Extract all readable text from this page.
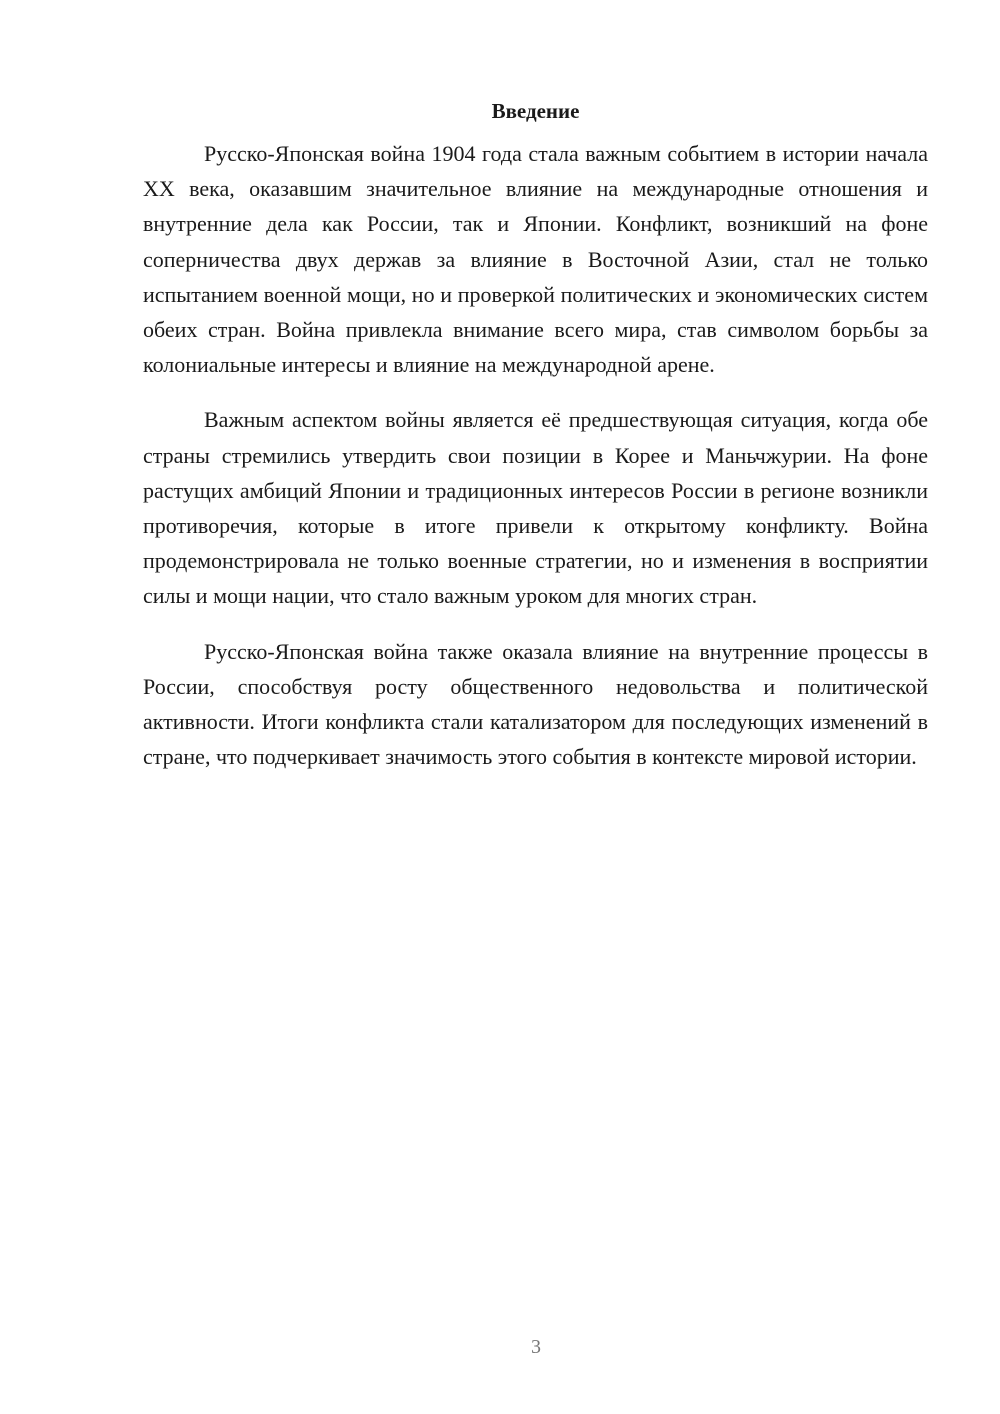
Введение

Русско-Японская война 1904 года стала важным событием в истории начала XX века, оказавшим значительное влияние на международные отношения и внутренние дела как России, так и Японии. Конфликт, возникший на фоне соперничества двух держав за влияние в Восточной Азии, стал не только испытанием военной мощи, но и проверкой политических и экономических систем обеих стран. Война привлекла внимание всего мира, став символом борьбы за колониальные интересы и влияние на международной арене.

Важным аспектом войны является её предшествующая ситуация, когда обе страны стремились утвердить свои позиции в Корее и Маньчжурии. На фоне растущих амбиций Японии и традиционных интересов России в регионе возникли противоречия, которые в итоге привели к открытому конфликту. Война продемонстрировала не только военные стратегии, но и изменения в восприятии силы и мощи нации, что стало важным уроком для многих стран.

Русско-Японская война также оказала влияние на внутренние процессы в России, способствуя росту общественного недовольства и политической активности. Итоги конфликта стали катализатором для последующих изменений в стране, что подчеркивает значимость этого события в контексте мировой истории.

3
